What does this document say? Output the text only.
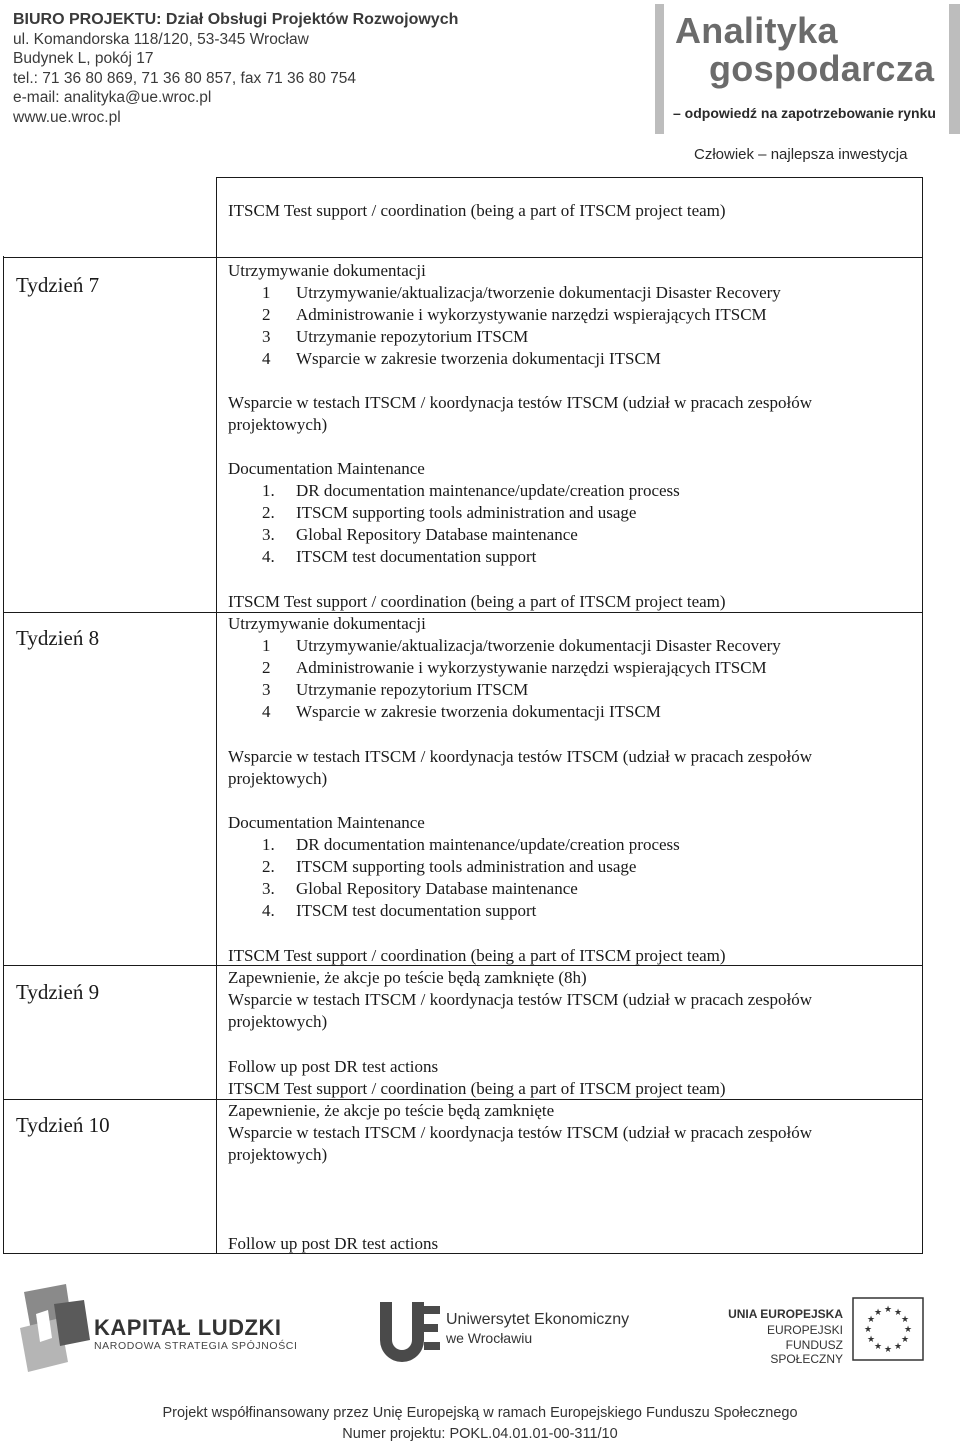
BIURO PROJEKTU: Dział Obsługi Projektów Rozwojowych
ul. Komandorska 118/120, 53-345 Wrocław
Budynek L, pokój 17
tel.: 71 36 80 869, 71 36 80 857, fax 71 36 80 754
e-mail: analityka@ue.wroc.pl
www.ue.wroc.pl
Analityka
gospodarcza
– odpowiedź na zapotrzebowanie rynku
Człowiek – najlepsza inwestycja
ITSCM Test support / coordination (being a part of ITSCM project team)
Tydzień 7
Utrzymywanie dokumentacji
1 Utrzymywanie/aktualizacja/tworzenie dokumentacji Disaster Recovery
2 Administrowanie i wykorzystywanie narzędzi wspierających ITSCM
3 Utrzymanie repozytorium ITSCM
4 Wsparcie w zakresie tworzenia dokumentacji ITSCM
Wsparcie w testach ITSCM / koordynacja testów ITSCM (udział w pracach zespołów
projektowych)
Documentation Maintenance
1. DR documentation maintenance/update/creation process
2. ITSCM supporting tools administration and usage
3. Global Repository Database maintenance
4. ITSCM test documentation support
ITSCM Test support / coordination (being a part of ITSCM project team)
Tydzień 8
Utrzymywanie dokumentacji
1 Utrzymywanie/aktualizacja/tworzenie dokumentacji Disaster Recovery
2 Administrowanie i wykorzystywanie narzędzi wspierających ITSCM
3 Utrzymanie repozytorium ITSCM
4 Wsparcie w zakresie tworzenia dokumentacji ITSCM
Wsparcie w testach ITSCM / koordynacja testów ITSCM (udział w pracach zespołów
projektowych)
Documentation Maintenance
1. DR documentation maintenance/update/creation process
2. ITSCM supporting tools administration and usage
3. Global Repository Database maintenance
4. ITSCM test documentation support
ITSCM Test support / coordination (being a part of ITSCM project team)
Tydzień 9
Zapewnienie, że akcje po teście będą zamknięte (8h)
Wsparcie w testach ITSCM / koordynacja testów ITSCM (udział w pracach zespołów
projektowych)
Follow up post DR test actions
ITSCM Test support / coordination (being a part of ITSCM project team)
Tydzień 10
Zapewnienie, że akcje po teście będą zamknięte
Wsparcie w testach ITSCM / koordynacja testów ITSCM (udział w pracach zespołów
projektowych)
Follow up post DR test actions
KAPITAŁ LUDZKI
NARODOWA STRATEGIA SPÓJNOŚCI
Uniwersytet Ekonomiczny
we Wrocławiu
UNIA EUROPEJSKA
EUROPEJSKI
FUNDUSZ SPOŁECZNY
★ ★
★
★
★
★
★
★
★
★
★
★
Projekt współfinansowany przez Unię Europejską w ramach Europejskiego Funduszu Społecznego
Numer projektu: POKL.04.01.01-00-311/10
